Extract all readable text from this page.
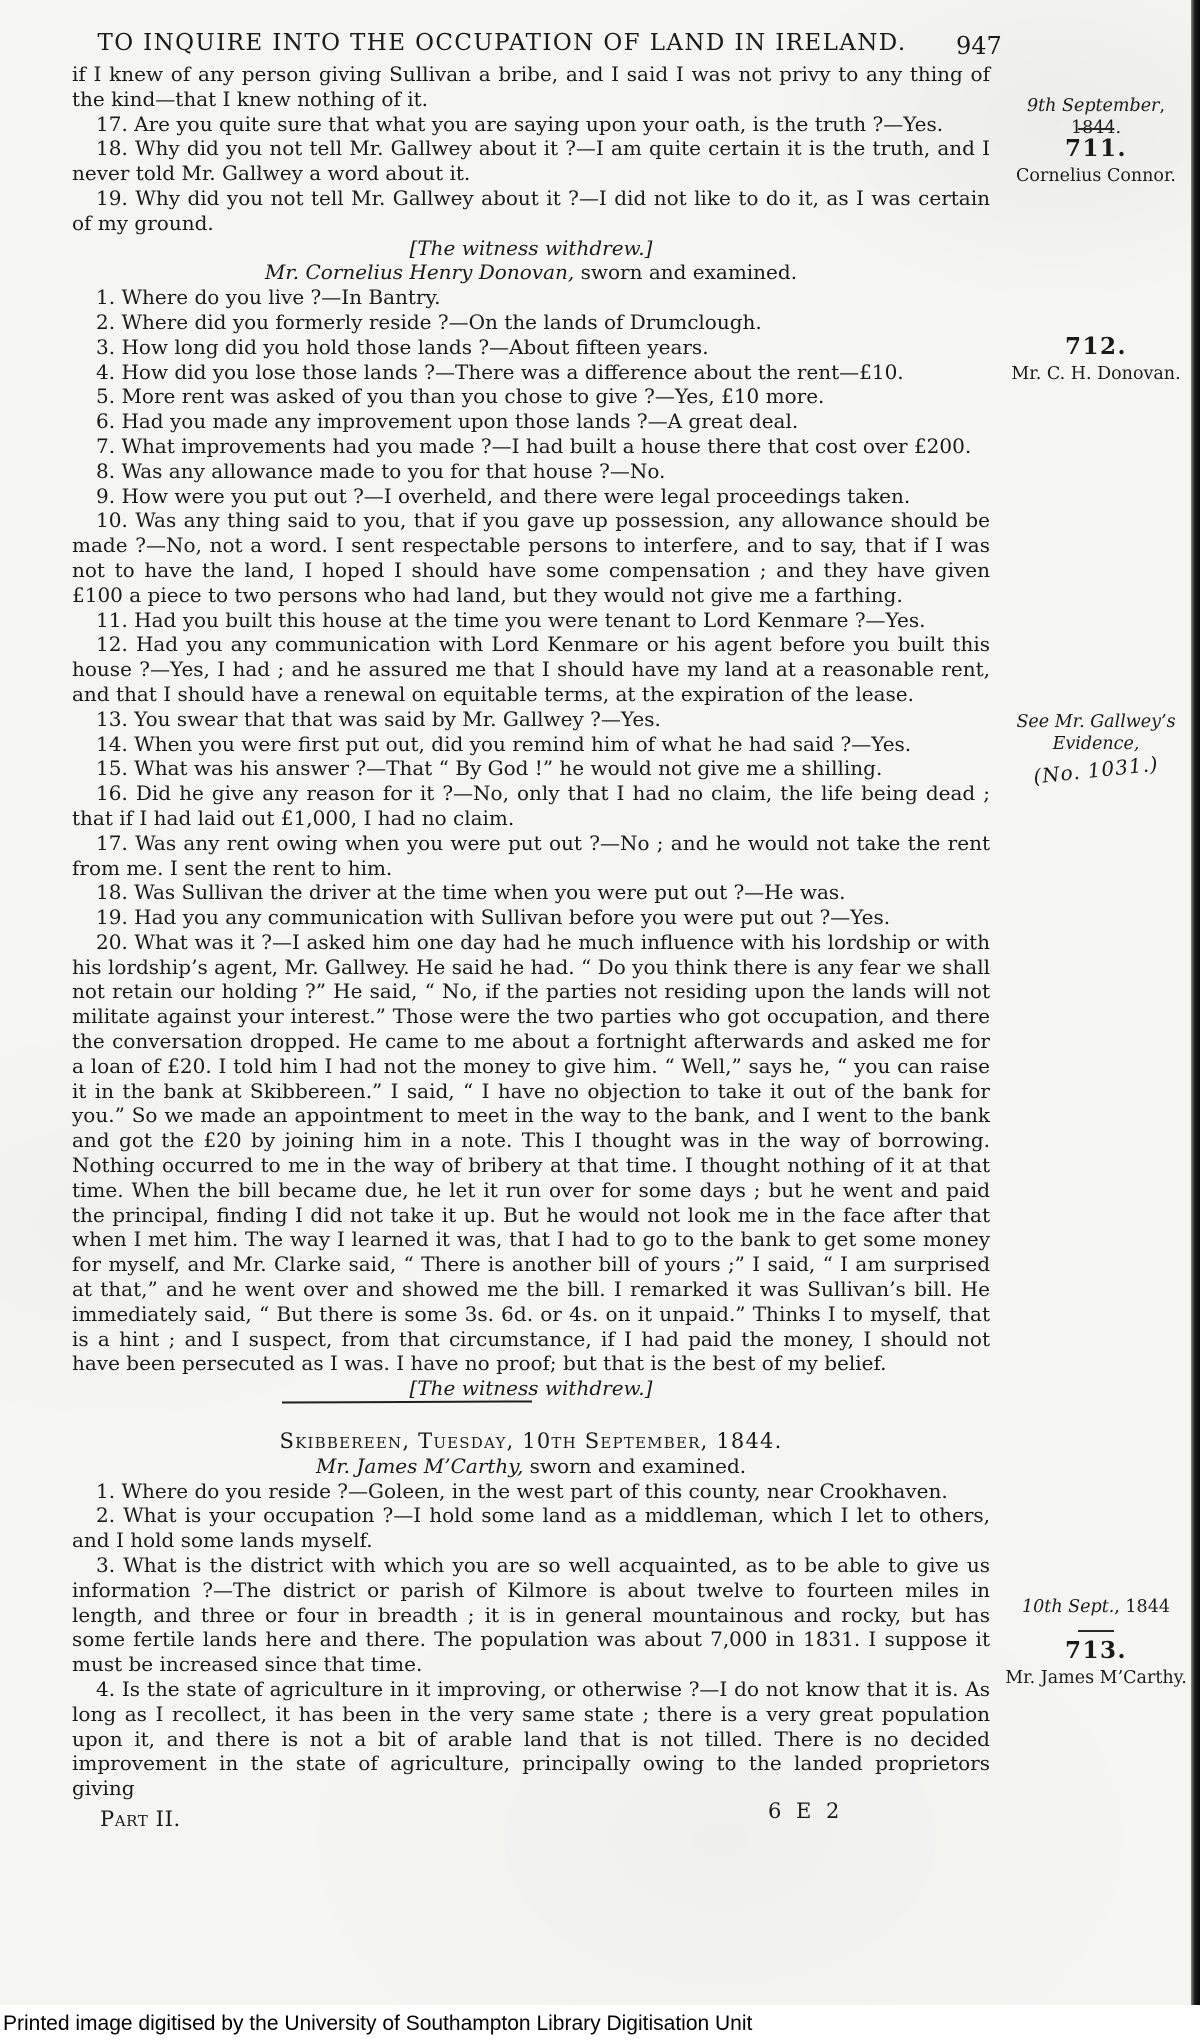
TO INQUIRE INTO THE OCCUPATION OF LAND IN IRELAND.	947

if I knew of any person giving Sullivan a bribe, and I said I was not privy to any thing of the kind—that I knew nothing of it.

17. Are you quite sure that what you are saying upon your oath, is the truth ?—Yes.

18. Why did you not tell Mr. Gallwey about it ?—I am quite certain it is the truth, and I never told Mr. Gallwey a word about it.

19. Why did you not tell Mr. Gallwey about it ?—I did not like to do it, as I was certain of my ground.

[The witness withdrew.]

Mr. Cornelius Henry Donovan, sworn and examined.

1. Where do you live ?—In Bantry.

2. Where did you formerly reside ?—On the lands of Drumclough.

3. How long did you hold those lands ?—About fifteen years.

4. How did you lose those lands ?—There was a difference about the rent—£10.

5. More rent was asked of you than you chose to give ?—Yes, £10 more.

6. Had you made any improvement upon those lands ?—A great deal.

7. What improvements had you made ?—I had built a house there that cost over £200.

8. Was any allowance made to you for that house ?—No.

9. How were you put out ?—I overheld, and there were legal proceedings taken.

10. Was any thing said to you, that if you gave up possession, any allowance should be made ?—No, not a word. I sent respectable persons to interfere, and to say, that if I was not to have the land, I hoped I should have some compensation ; and they have given £100 a piece to two persons who had land, but they would not give me a farthing.

11. Had you built this house at the time you were tenant to Lord Kenmare ?—Yes.

12. Had you any communication with Lord Kenmare or his agent before you built this house ?—Yes, I had ; and he assured me that I should have my land at a reasonable rent, and that I should have a renewal on equitable terms, at the expiration of the lease.

13. You swear that that was said by Mr. Gallwey ?—Yes.

14. When you were first put out, did you remind him of what he had said ?—Yes.

15. What was his answer ?—That “ By God !” he would not give me a shilling.

16. Did he give any reason for it ?—No, only that I had no claim, the life being dead ; that if I had laid out £1,000, I had no claim.

17. Was any rent owing when you were put out ?—No ; and he would not take the rent from me. I sent the rent to him.

18. Was Sullivan the driver at the time when you were put out ?—He was.

19. Had you any communication with Sullivan before you were put out ?—Yes.

20. What was it ?—I asked him one day had he much influence with his lordship or with his lordship’s agent, Mr. Gallwey. He said he had. “ Do you think there is any fear we shall not retain our holding ?” He said, “ No, if the parties not residing upon the lands will not militate against your interest.” Those were the two parties who got occupation, and there the conversation dropped. He came to me about a fortnight afterwards and asked me for a loan of £20. I told him I had not the money to give him. “ Well,” says he, “ you can raise it in the bank at Skibbereen.” I said, “ I have no objection to take it out of the bank for you.” So we made an appointment to meet in the way to the bank, and I went to the bank and got the £20 by joining him in a note. This I thought was in the way of borrowing. Nothing occurred to me in the way of bribery at that time. I thought nothing of it at that time. When the bill became due, he let it run over for some days ; but he went and paid the principal, finding I did not take it up. But he would not look me in the face after that when I met him. The way I learned it was, that I had to go to the bank to get some money for myself, and Mr. Clarke said, “ There is another bill of yours ;” I said, “ I am surprised at that,” and he went over and showed me the bill. I remarked it was Sullivan’s bill. He immediately said, “ But there is some 3s. 6d. or 4s. on it unpaid.” Thinks I to myself, that is a hint ; and I suspect, from that circumstance, if I had paid the money, I should not have been persecuted as I was. I have no proof; but that is the best of my belief.

[The witness withdrew.]

Skibbereen, Tuesday, 10th September, 1844.

Mr. James M’Carthy, sworn and examined.

1. Where do you reside ?—Goleen, in the west part of this county, near Crookhaven.

2. What is your occupation ?—I hold some land as a middleman, which I let to others, and I hold some lands myself.

3. What is the district with which you are so well acquainted, as to be able to give us information ?—The district or parish of Kilmore is about twelve to fourteen miles in length, and three or four in breadth ; it is in general mountainous and rocky, but has some fertile lands here and there. The population was about 7,000 in 1831. I suppose it must be increased since that time.

4. Is the state of agriculture in it improving, or otherwise ?—I do not know that it is. As long as I recollect, it has been in the very same state ; there is a very great population upon it, and there is not a bit of arable land that is not tilled. There is no decided improvement in the state of agriculture, principally owing to the landed proprietors giving

Part II.	6 E 2
9th September, 1844.
711.
Cornelius Connor.
712.
Mr. C. H. Donovan.
See Mr. Gallwey’s
Evidence,
(No. 1031.)
10th Sept., 1844
713.
Mr. James M’Carthy.
Printed image digitised by the University of Southampton Library Digitisation Unit
